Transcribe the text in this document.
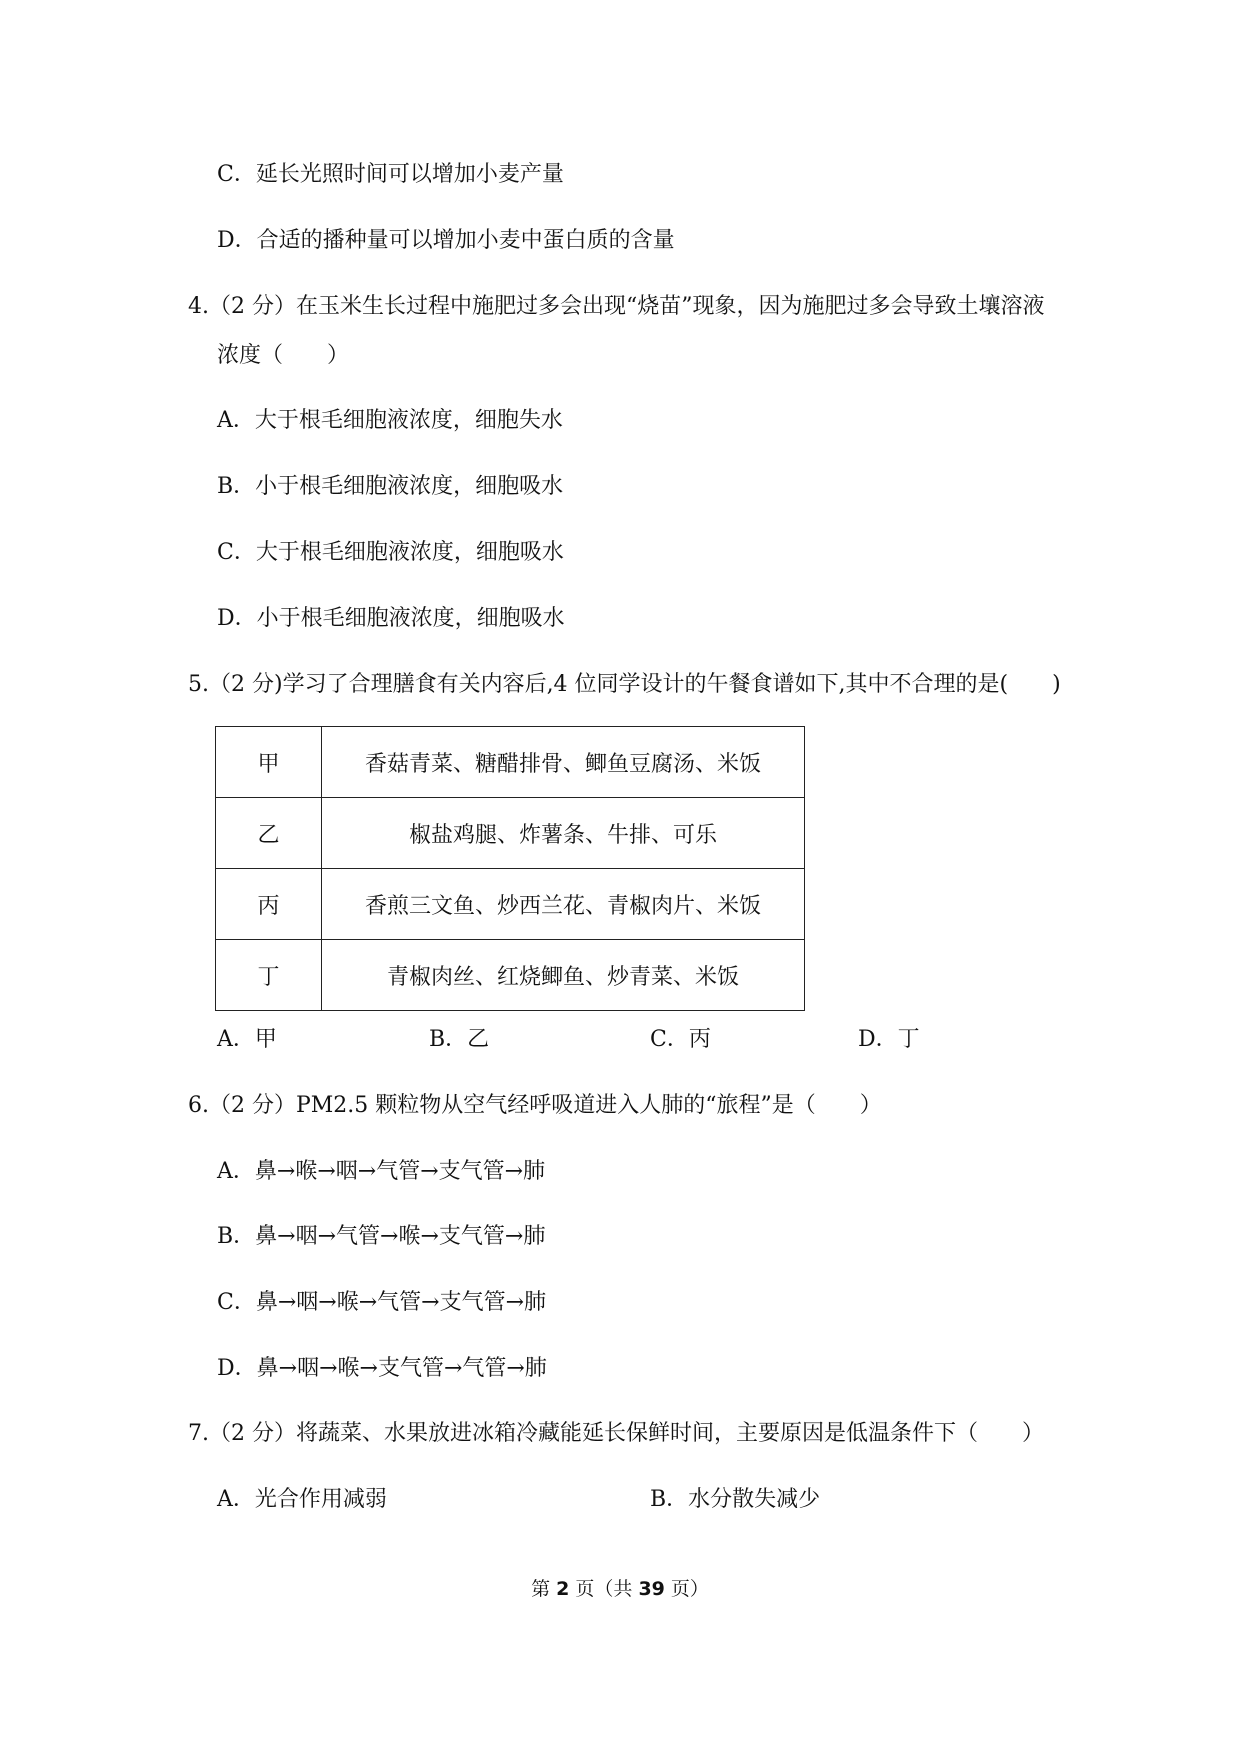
C．延长光照时间可以增加小麦产量
D．合适的播种量可以增加小麦中蛋白质的含量
4.（2 分）在玉米生长过程中施肥过多会出现“烧苗”现象，因为施肥过多会导致土壤溶液
浓度（　　）
A．大于根毛细胞液浓度，细胞失水
B．小于根毛细胞液浓度，细胞吸水
C．大于根毛细胞液浓度，细胞吸水
D．小于根毛细胞液浓度，细胞吸水
5.（2 分)学习了合理膳食有关内容后,4 位同学设计的午餐食谱如下,其中不合理的是(　　)
甲	香菇青菜、糖醋排骨、鲫鱼豆腐汤、米饭
乙	椒盐鸡腿、炸薯条、牛排、可乐
丙	香煎三文鱼、炒西兰花、青椒肉片、米饭
丁	青椒肉丝、红烧鲫鱼、炒青菜、米饭
A．甲	B．乙	C．丙	D．丁
6.（2 分）PM2.5 颗粒物从空气经呼吸道进入人肺的“旅程”是（　　）
A．鼻→喉→咽→气管→支气管→肺
B．鼻→咽→气管→喉→支气管→肺
C．鼻→咽→喉→气管→支气管→肺
D．鼻→咽→喉→支气管→气管→肺
7.（2 分）将蔬菜、水果放进冰箱冷藏能延长保鲜时间，主要原因是低温条件下（　　）
A．光合作用减弱	B．水分散失减少
第 2 页（共 39 页）
